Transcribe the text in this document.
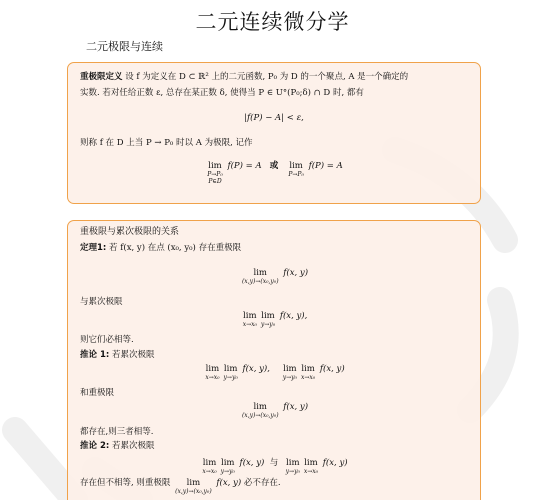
二元连续微分学
二元极限与连续
重极限定义 设 f 为定义在 D ⊂ ℝ² 上的二元函数, P₀ 为 D 的一个聚点, A 是一个确定的
实数. 若对任给正数 ε, 总存在某正数 δ, 使得当 P ∈ U°(P₀;δ) ∩ D 时, 都有
|f(P) − A| < ε,
则称 f 在 D 上当 P → P₀ 时以 A 为极限, 记作
lim
P→P₀
P∈D
f(P) = A 或 lim
P→P₀
f(P) = A
重极限与累次极限的关系
定理1: 若 f(x, y) 在点 (x₀, y₀) 存在重极限
lim
(x,y)→(x₀,y₀)
f(x, y)
与累次极限
lim
x→x₀
lim
y→y₀
f(x, y),
则它们必相等.
推论 1: 若累次极限
lim
x→x₀
lim
y→y₀
f(x, y), lim
y→y₀
lim
x→x₀
f(x, y)
和重极限
lim
(x,y)→(x₀,y₀)
f(x, y)
都存在,则三者相等.
推论 2: 若累次极限
lim
x→x₀
lim
y→y₀
f(x, y) 与 lim
y→y₀
lim
x→x₀
f(x, y)
存在但不相等, 则重极限	lim
(x,y)→(x₀,y₀)
f(x, y) 必不存在.
